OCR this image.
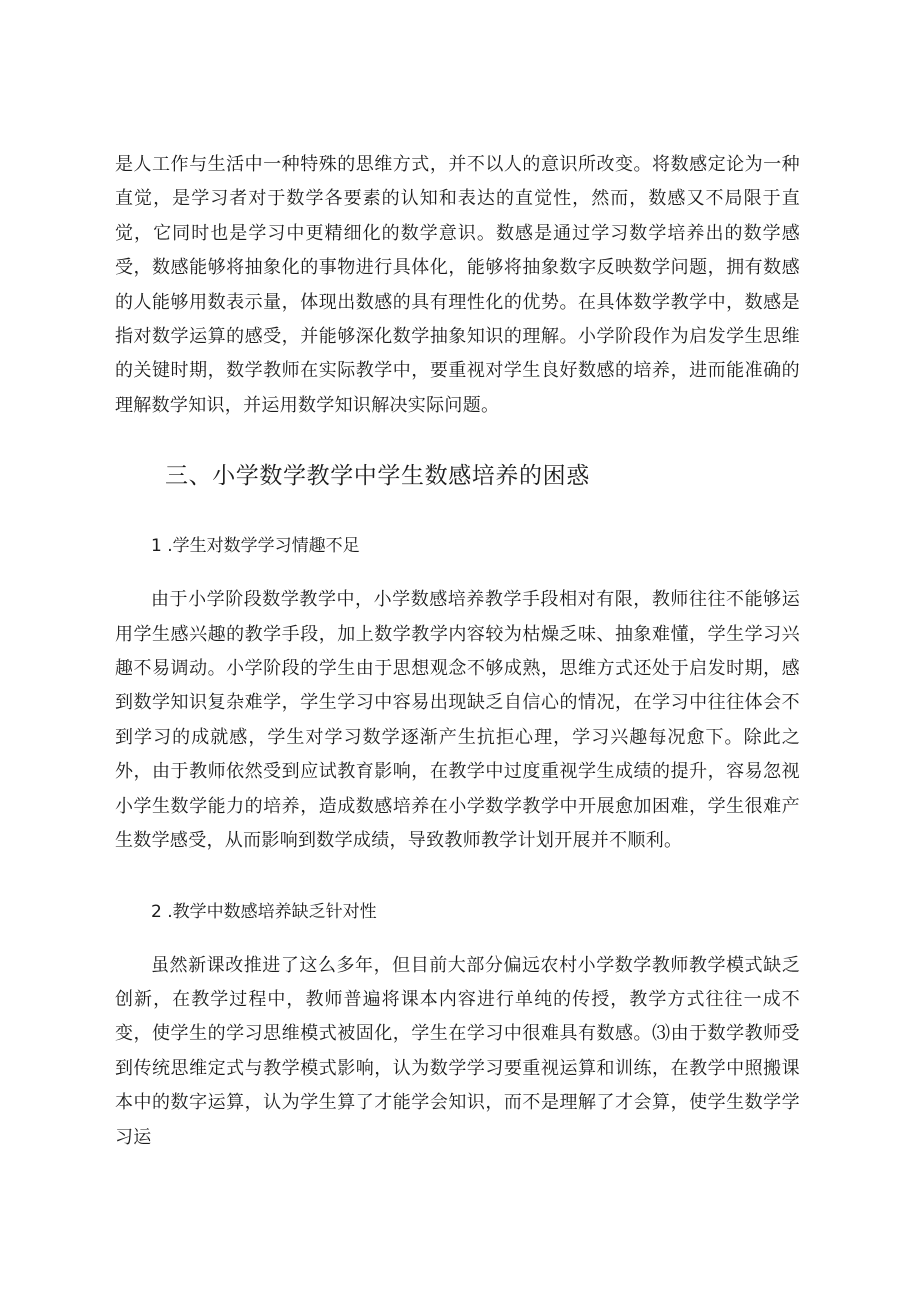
是人工作与生活中一种特殊的思维方式，并不以人的意识所改变。将数感定论为一种直觉，是学习者对于数学各要素的认知和表达的直觉性，然而，数感又不局限于直觉，它同时也是学习中更精细化的数学意识。数感是通过学习数学培养出的数学感受，数感能够将抽象化的事物进行具体化，能够将抽象数字反映数学问题，拥有数感的人能够用数表示量，体现出数感的具有理性化的优势。在具体数学教学中，数感是指对数学运算的感受，并能够深化数学抽象知识的理解。小学阶段作为启发学生思维的关键时期，数学教师在实际教学中，要重视对学生良好数感的培养，进而能准确的理解数学知识，并运用数学知识解决实际问题。

三、小学数学教学中学生数感培养的困惑
1 .学生对数学学习情趣不足

由于小学阶段数学教学中，小学数感培养教学手段相对有限，教师往往不能够运用学生感兴趣的教学手段，加上数学教学内容较为枯燥乏味、抽象难懂，学生学习兴趣不易调动。小学阶段的学生由于思想观念不够成熟，思维方式还处于启发时期，感到数学知识复杂难学，学生学习中容易出现缺乏自信心的情况，在学习中往往体会不到学习的成就感，学生对学习数学逐渐产生抗拒心理，学习兴趣每况愈下。除此之外，由于教师依然受到应试教育影响，在教学中过度重视学生成绩的提升，容易忽视小学生数学能力的培养，造成数感培养在小学数学教学中开展愈加困难，学生很难产生数学感受，从而影响到数学成绩，导致教师教学计划开展并不顺利。

2 .教学中数感培养缺乏针对性

虽然新课改推进了这么多年，但目前大部分偏远农村小学数学教师教学模式缺乏创新，在教学过程中，教师普遍将课本内容进行单纯的传授，教学方式往往一成不变，使学生的学习思维模式被固化，学生在学习中很难具有数感。⑶由于数学教师受到传统思维定式与教学模式影响，认为数学学习要重视运算和训练，在教学中照搬课本中的数字运算，认为学生算了才能学会知识，而不是理解了才会算，使学生数学学习运
